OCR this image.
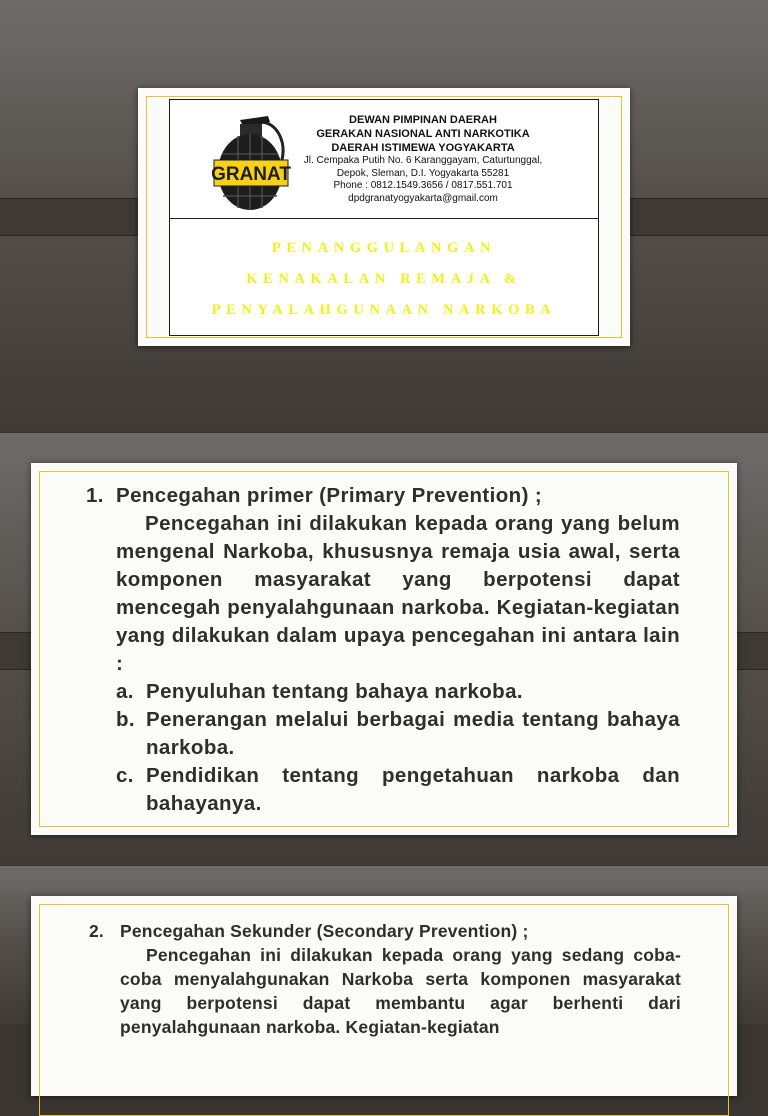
GRANAT
DEWAN PIMPINAN DAERAH
GERAKAN NASIONAL ANTI NARKOTIKA
DAERAH ISTIMEWA YOGYAKARTA
Jl. Cempaka Putih No. 6 Karanggayam, Caturtunggal,
Depok, Sleman, D.I. Yogyakarta 55281
Phone : 0812.1549.3656 / 0817.551.701
dpdgranatyogyakarta@gmail.com
PENANGGULANGAN
KENAKALAN REMAJA &
PENYALAHGUNAAN NARKOBA
1. Pencegahan primer (Primary Prevention) ;
Pencegahan ini dilakukan kepada orang yang belum mengenal Narkoba, khususnya remaja usia awal, serta komponen masyarakat yang berpotensi dapat mencegah penyalahgunaan narkoba. Kegiatan-kegiatan yang dilakukan dalam upaya pencegahan ini antara lain :
a. Penyuluhan tentang bahaya narkoba.
b. Penerangan melalui berbagai media tentang bahaya narkoba.
c. Pendidikan tentang pengetahuan narkoba dan bahayanya.
2. Pencegahan Sekunder (Secondary Prevention) ;
Pencegahan ini dilakukan kepada orang yang sedang coba-coba menyalahgunakan Narkoba serta komponen masyarakat yang berpotensi dapat membantu agar berhenti dari penyalahgunaan narkoba. Kegiatan-kegiatan
